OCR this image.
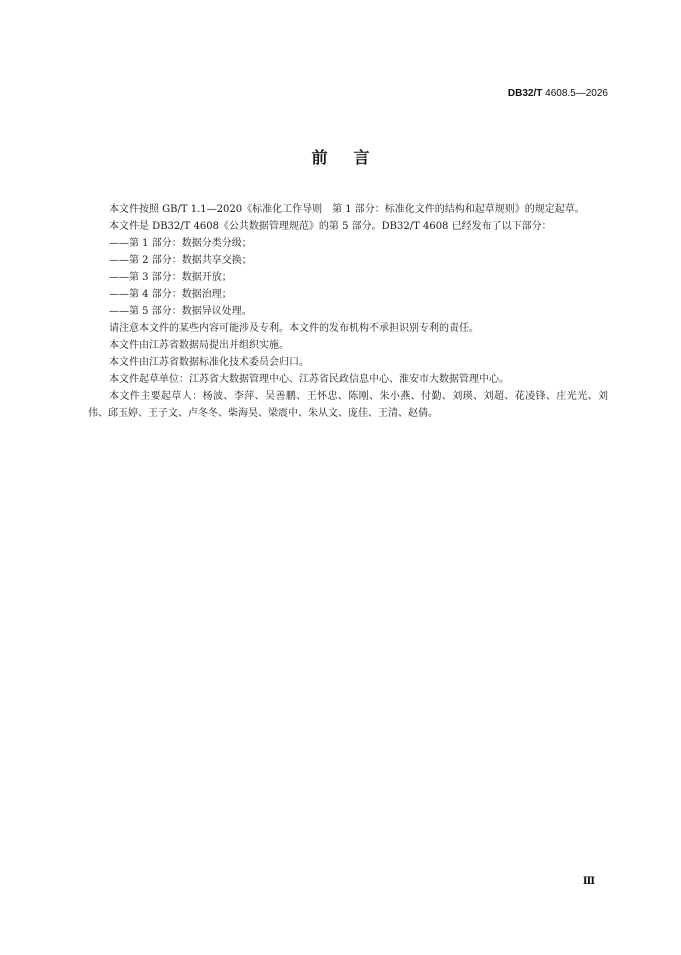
DB32/T 4608.5—2026
前言

本文件按照 GB/T 1.1—2020《标准化工作导则　第 1 部分：标准化文件的结构和起草规则》的规定起草。

本文件是 DB32/T 4608《公共数据管理规范》的第 5 部分。DB32/T 4608 已经发布了以下部分：

——第 1 部分：数据分类分级；

——第 2 部分：数据共享交换；

——第 3 部分：数据开放；

——第 4 部分：数据治理；

——第 5 部分：数据异议处理。

请注意本文件的某些内容可能涉及专利。本文件的发布机构不承担识别专利的责任。

本文件由江苏省数据局提出并组织实施。

本文件由江苏省数据标准化技术委员会归口。

本文件起草单位：江苏省大数据管理中心、江苏省民政信息中心、淮安市大数据管理中心。

本文件主要起草人：杨波、李萍、吴善鹏、王怀忠、陈刚、朱小燕、付勤、刘瑛、刘超、花凌锋、庄光光、刘伟、邱玉婷、王子文、卢冬冬、柴海昊、梁震中、朱从文、庞佳、王清、赵倩。

Ⅲ
